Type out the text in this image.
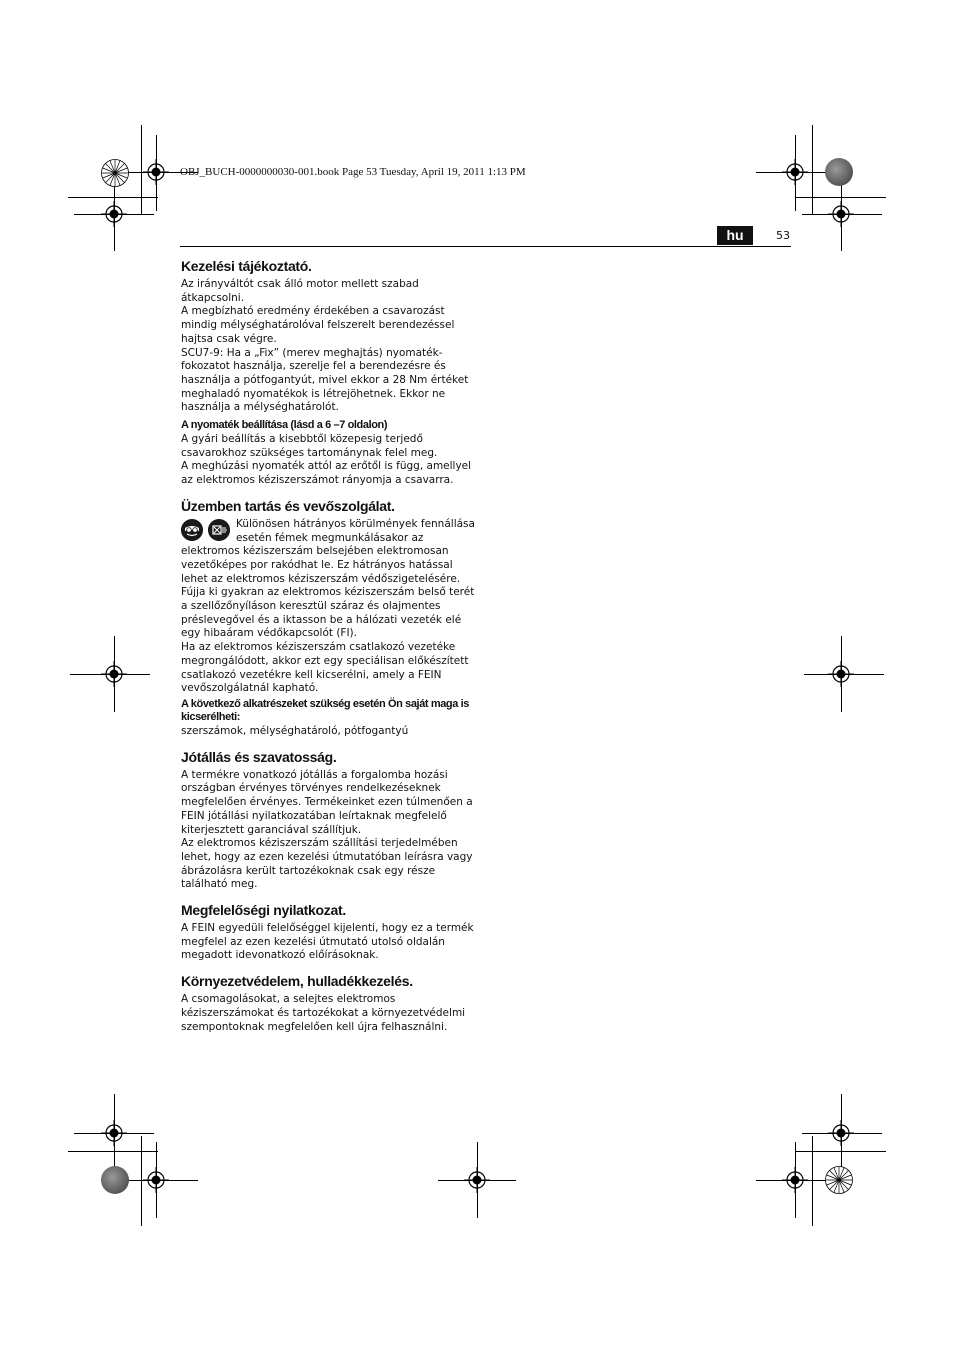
OBJ_BUCH-0000000030-001.book Page 53 Tuesday, April 19, 2011 1:13 PM
hu	53
Kezelési tájékoztató.

Az irányváltót csak álló motor mellett szabad átkapcsolni.

A megbízható eredmény érdekében a csavarozást mindig mélységhatárolóval felszerelt berendezéssel hajtsa csak végre.

SCU7-9: Ha a „Fix” (merev meghajtás) nyomaték-fokozatot használja, szerelje fel a berendezésre és használja a pótfogantyút, mivel ekkor a 28 Nm értéket meghaladó nyomatékok is létrejöhetnek. Ekkor ne használja a mélységhatárolót.

A nyomaték beállítása (lásd a 6 –7 oldalon)

A gyári beállítás a kisebbtől közepesig terjedő csavarokhoz szükséges tartománynak felel meg.

A meghúzási nyomaték attól az erőtől is függ, amellyel az elektromos kéziszerszámot rányomja a csavarra.

Üzemben tartás és vevőszolgálat.

Különösen hátrányos körülmények fennállása esetén fémek megmunkálásakor az elektromos kéziszerszám belsejében elektromosan vezetőképes por rakódhat le. Ez hátrányos hatással lehet az elektromos kéziszerszám védőszigetelésére. Fújja ki gyakran az elektromos kéziszerszám belső terét a szellőzőnyíláson keresztül száraz és olajmentes préslevegővel és a iktasson be a hálózati vezeték elé egy hibaáram védőkapcsolót (FI).

Ha az elektromos kéziszerszám csatlakozó vezetéke megrongálódott, akkor ezt egy speciálisan előkészített csatlakozó vezetékre kell kicserélni, amely a FEIN vevőszolgálatnál kapható.

A következő alkatrészeket szükség esetén Ön saját maga is kicserélheti:

szerszámok, mélységhatároló, pótfogantyú

Jótállás és szavatosság.

A termékre vonatkozó jótállás a forgalomba hozási országban érvényes törvényes rendelkezéseknek megfelelően érvényes. Termékeinket ezen túlmenően a FEIN jótállási nyilatkozatában leírtaknak megfelelő kiterjesztett garanciával szállítjuk.

Az elektromos kéziszerszám szállítási terjedelmében lehet, hogy az ezen kezelési útmutatóban leírásra vagy ábrázolásra került tartozékoknak csak egy része található meg.

Megfelelőségi nyilatkozat.

A FEIN egyedüli felelőséggel kijelenti, hogy ez a termék megfelel az ezen kezelési útmutató utolsó oldalán megadott idevonatkozó előírásoknak.

Környezetvédelem, hulladékkezelés.

A csomagolásokat, a selejtes elektromos kéziszerszámokat és tartozékokat a környezetvédelmi szempontoknak megfelelően kell újra felhasználni.
